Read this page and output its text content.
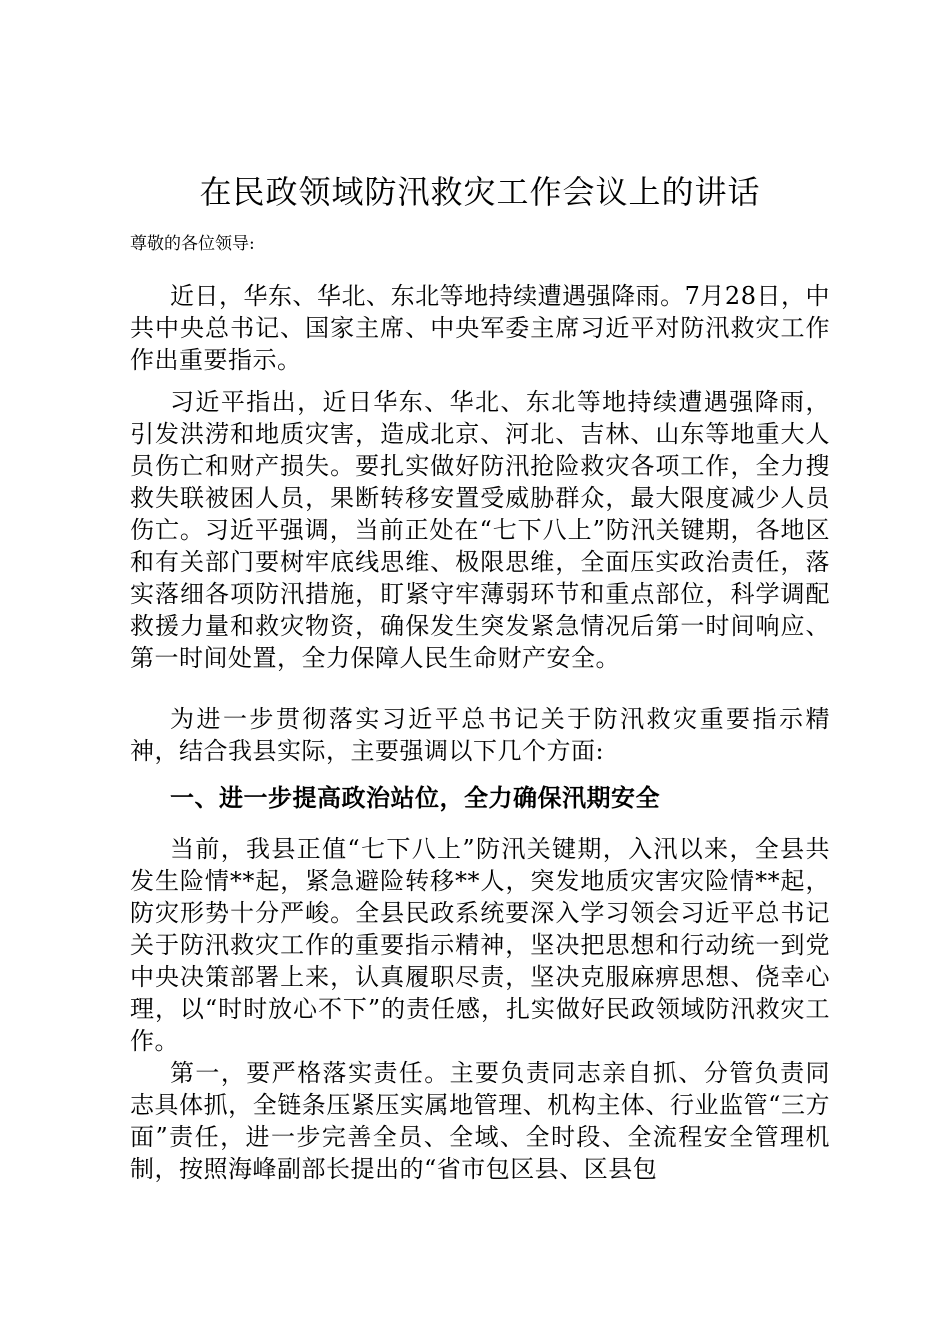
在民政领域防汛救灾工作会议上的讲话
尊敬的各位领导:

近日，华东、华北、东北等地持续遭遇强降雨。7月28日，中共中央总书记、国家主席、中央军委主席习近平对防汛救灾工作作出重要指示。

习近平指出，近日华东、华北、东北等地持续遭遇强降雨，引发洪涝和地质灾害，造成北京、河北、吉林、山东等地重大人员伤亡和财产损失。要扎实做好防汛抢险救灾各项工作，全力搜救失联被困人员，果断转移安置受威胁群众，最大限度减少人员伤亡。习近平强调，当前正处在“七下八上”防汛关键期，各地区和有关部门要树牢底线思维、极限思维，全面压实政治责任，落实落细各项防汛措施，盯紧守牢薄弱环节和重点部位，科学调配救援力量和救灾物资，确保发生突发紧急情况后第一时间响应、第一时间处置，全力保障人民生命财产安全。

为进一步贯彻落实习近平总书记关于防汛救灾重要指示精神，结合我县实际，主要强调以下几个方面:

一、进一步提高政治站位，全力确保汛期安全

当前，我县正值“七下八上”防汛关键期，入汛以来，全县共发生险情**起，紧急避险转移**人，突发地质灾害灾险情**起，防灾形势十分严峻。全县民政系统要深入学习领会习近平总书记关于防汛救灾工作的重要指示精神，坚决把思想和行动统一到党中央决策部署上来，认真履职尽责，坚决克服麻痹思想、侥幸心理，以“时时放心不下”的责任感，扎实做好民政领域防汛救灾工作。

第一，要严格落实责任。主要负责同志亲自抓、分管负责同志具体抓，全链条压紧压实属地管理、机构主体、行业监管“三方面”责任，进一步完善全员、全域、全时段、全流程安全管理机制，按照海峰副部长提出的“省市包区县、区县包
